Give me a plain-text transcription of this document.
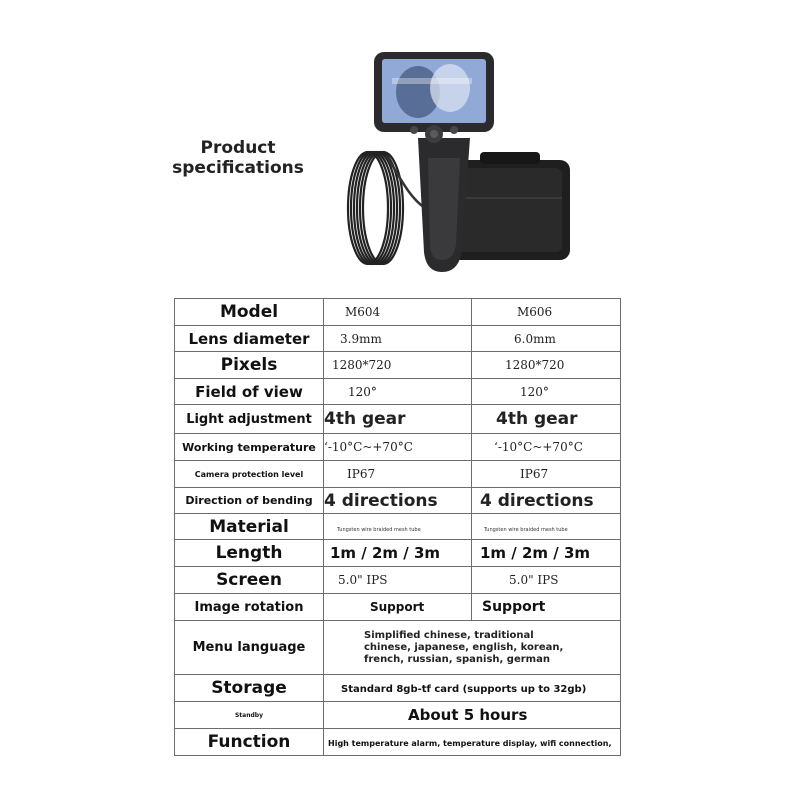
Product
specifications
Model	M604	M606
Lens diameter	3.9mm	6.0mm
Pixels	1280*720	1280*720
Field of view	120°	120°
Light adjustment	4th gear	4th gear
Working temperature	‘-10°C~+70°C	‘-10°C~+70°C
Camera protection level	IP67	IP67
Direction of bending	4 directions	4 directions
Material	Tungsten wire braided mesh tube	Tungsten wire braided mesh tube
Length	1m / 2m / 3m	1m / 2m / 3m
Screen	5.0" IPS	5.0" IPS
Image rotation	Support	Support
Menu language	Simplified chinese, traditional
chinese, japanese, english, korean,
french, russian, spanish, german	

Storage	Standard 8gb-tf card (supports up to 32gb)	
Standby	About 5 hours	
Function	High temperature alarm, temperature display, wifi connection,	
